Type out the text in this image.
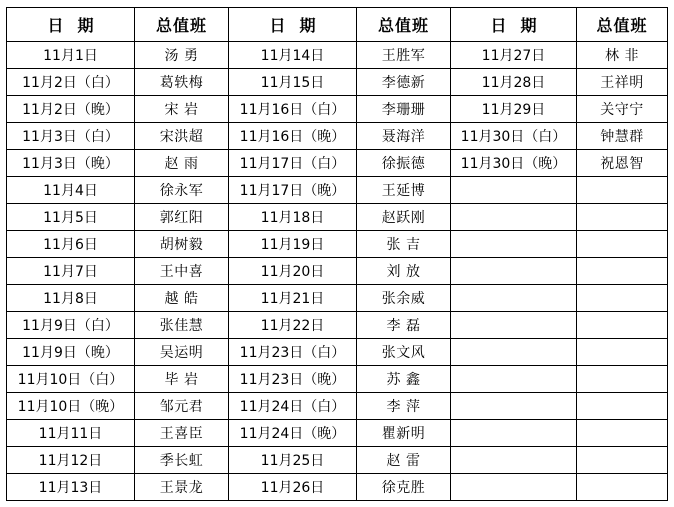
日期	总值班	日期	总值班	日期	总值班
11月1日	汤 勇	11月14日	王胜军	11月27日	林 非
11月2日（白）	葛轶梅	11月15日	李德新	11月28日	王祥明
11月2日（晚）	宋 岩	11月16日（白）	李珊珊	11月29日	关守宁
11月3日（白）	宋洪超	11月16日（晚）	聂海洋	11月30日（白）	钟慧群
11月3日（晚）	赵 雨	11月17日（白）	徐振德	11月30日（晚）	祝恩智
11月4日	徐永军	11月17日（晚）	王延博		
11月5日	郭红阳	11月18日	赵跃刚		
11月6日	胡树毅	11月19日	张 吉		
11月7日	王中喜	11月20日	刘 放		
11月8日	越 皓	11月21日	张余威		
11月9日（白）	张佳慧	11月22日	李 磊		
11月9日（晚）	吴运明	11月23日（白）	张文风		
11月10日（白）	毕 岩	11月23日（晚）	苏 鑫		
11月10日（晚）	邹元君	11月24日（白）	李 萍		
11月11日	王喜臣	11月24日（晚）	瞿新明		
11月12日	季长虹	11月25日	赵 雷		
11月13日	王景龙	11月26日	徐克胜		
